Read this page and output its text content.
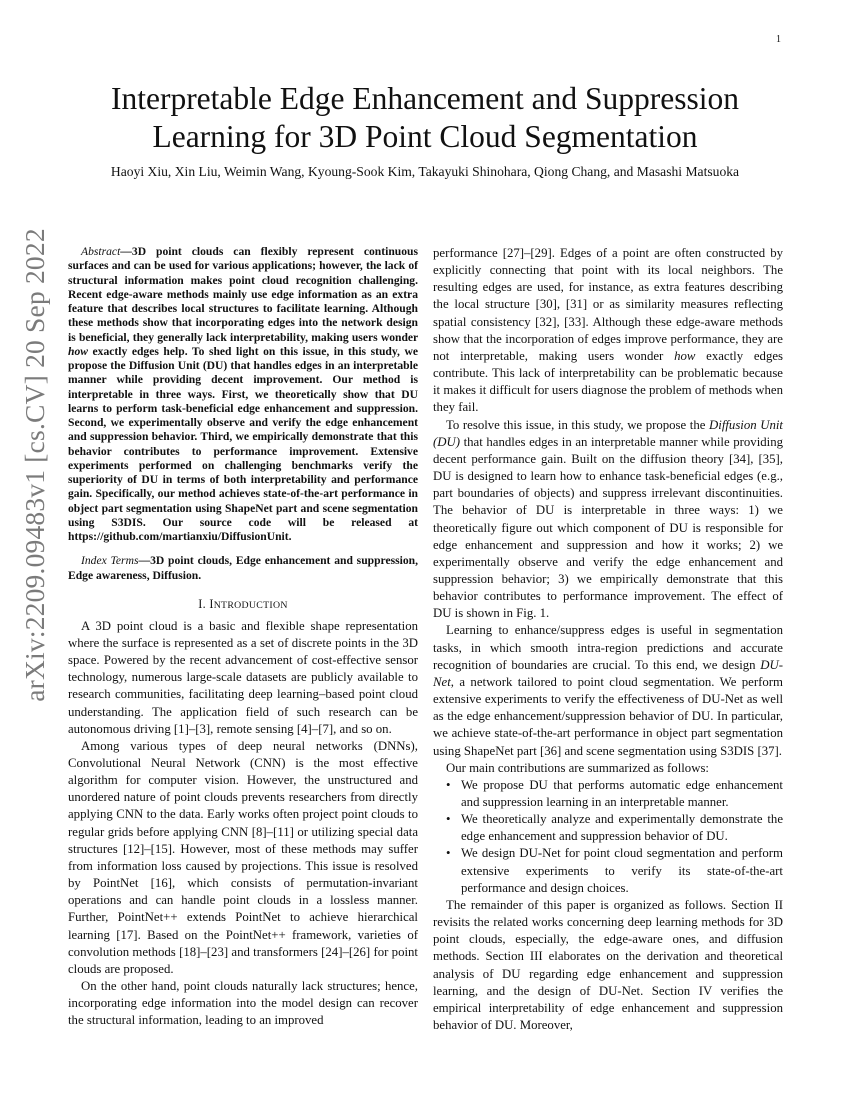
1
arXiv:2209.09483v1 [cs.CV] 20 Sep 2022
Interpretable Edge Enhancement and Suppression Learning for 3D Point Cloud Segmentation
Haoyi Xiu, Xin Liu, Weimin Wang, Kyoung-Sook Kim, Takayuki Shinohara, Qiong Chang, and Masashi Matsuoka

Abstract—3D point clouds can flexibly represent continuous surfaces and can be used for various applications; however, the lack of structural information makes point cloud recognition challenging. Recent edge-aware methods mainly use edge information as an extra feature that describes local structures to facilitate learning. Although these methods show that incorporating edges into the network design is beneficial, they generally lack interpretability, making users wonder how exactly edges help. To shed light on this issue, in this study, we propose the Diffusion Unit (DU) that handles edges in an interpretable manner while providing decent improvement. Our method is interpretable in three ways. First, we theoretically show that DU learns to perform task-beneficial edge enhancement and suppression. Second, we experimentally observe and verify the edge enhancement and suppression behavior. Third, we empirically demonstrate that this behavior contributes to performance improvement. Extensive experiments performed on challenging benchmarks verify the superiority of DU in terms of both interpretability and performance gain. Specifically, our method achieves state-of-the-art performance in object part segmentation using ShapeNet part and scene segmentation using S3DIS. Our source code will be released at https://github.com/martianxiu/DiffusionUnit.

Index Terms—3D point clouds, Edge enhancement and suppression, Edge awareness, Diffusion.

I. INTRODUCTION

A 3D point cloud is a basic and flexible shape representation where the surface is represented as a set of discrete points in the 3D space. Powered by the recent advancement of cost-effective sensor technology, numerous large-scale datasets are publicly available to research communities, facilitating deep learning–based point cloud understanding. The application field of such research can be autonomous driving [1]–[3], remote sensing [4]–[7], and so on.

Among various types of deep neural networks (DNNs), Convolutional Neural Network (CNN) is the most effective algorithm for computer vision. However, the unstructured and unordered nature of point clouds prevents researchers from directly applying CNN to the data. Early works often project point clouds to regular grids before applying CNN [8]–[11] or utilizing special data structures [12]–[15]. However, most of these methods may suffer from information loss caused by projections. This issue is resolved by PointNet [16], which consists of permutation-invariant operations and can handle point clouds in a lossless manner. Further, PointNet++ extends PointNet to achieve hierarchical learning [17]. Based on the PointNet++ framework, varieties of convolution methods [18]–[23] and transformers [24]–[26] for point clouds are proposed.

On the other hand, point clouds naturally lack structures; hence, incorporating edge information into the model design can recover the structural information, leading to an improved

performance [27]–[29]. Edges of a point are often constructed by explicitly connecting that point with its local neighbors. The resulting edges are used, for instance, as extra features describing the local structure [30], [31] or as similarity measures reflecting spatial consistency [32], [33]. Although these edge-aware methods show that the incorporation of edges improve performance, they are not interpretable, making users wonder how exactly edges contribute. This lack of interpretability can be problematic because it makes it difficult for users diagnose the problem of methods when they fail.

To resolve this issue, in this study, we propose the Diffusion Unit (DU) that handles edges in an interpretable manner while providing decent performance gain. Built on the diffusion theory [34], [35], DU is designed to learn how to enhance task-beneficial edges (e.g., part boundaries of objects) and suppress irrelevant discontinuities. The behavior of DU is interpretable in three ways: 1) we theoretically figure out which component of DU is responsible for edge enhancement and suppression and how it works; 2) we experimentally observe and verify the edge enhancement and suppression behavior; 3) we empirically demonstrate that this behavior contributes to performance improvement. The effect of DU is shown in Fig. 1.

Learning to enhance/suppress edges is useful in segmentation tasks, in which smooth intra-region predictions and accurate recognition of boundaries are crucial. To this end, we design DU-Net, a network tailored to point cloud segmentation. We perform extensive experiments to verify the effectiveness of DU-Net as well as the edge enhancement/suppression behavior of DU. In particular, we achieve state-of-the-art performance in object part segmentation using ShapeNet part [36] and scene segmentation using S3DIS [37].

Our main contributions are summarized as follows:

• We propose DU that performs automatic edge enhancement and suppression learning in an interpretable manner.
• We theoretically analyze and experimentally demonstrate the edge enhancement and suppression behavior of DU.
• We design DU-Net for point cloud segmentation and perform extensive experiments to verify its state-of-the-art performance and design choices.

The remainder of this paper is organized as follows. Section II revisits the related works concerning deep learning methods for 3D point clouds, especially, the edge-aware ones, and diffusion methods. Section III elaborates on the derivation and theoretical analysis of DU regarding edge enhancement and suppression learning, and the design of DU-Net. Section IV verifies the empirical interpretability of edge enhancement and suppression behavior of DU. Moreover,
